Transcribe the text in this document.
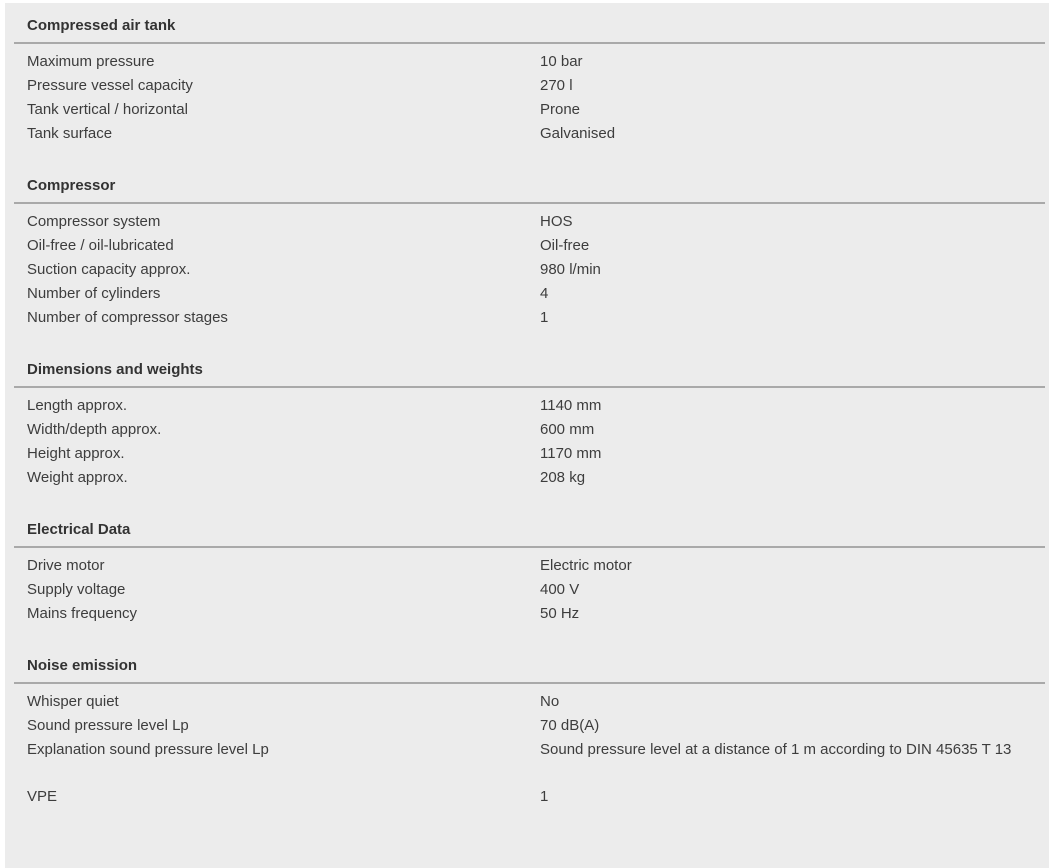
Compressed air tank
Maximum pressure	10 bar
Pressure vessel capacity	270 l
Tank vertical / horizontal	Prone
Tank surface	Galvanised
Compressor
Compressor system	HOS
Oil-free / oil-lubricated	Oil-free
Suction capacity approx.	980 l/min
Number of cylinders	4
Number of compressor stages	1
Dimensions and weights
Length approx.	1140 mm
Width/depth approx.	600 mm
Height approx.	1170 mm
Weight approx.	208 kg
Electrical Data
Drive motor	Electric motor
Supply voltage	400 V
Mains frequency	50 Hz
Noise emission
Whisper quiet	No
Sound pressure level Lp	70 dB(A)
Explanation sound pressure level Lp	Sound pressure level at a distance of 1 m according to DIN 45635 T 13
VPE	1
